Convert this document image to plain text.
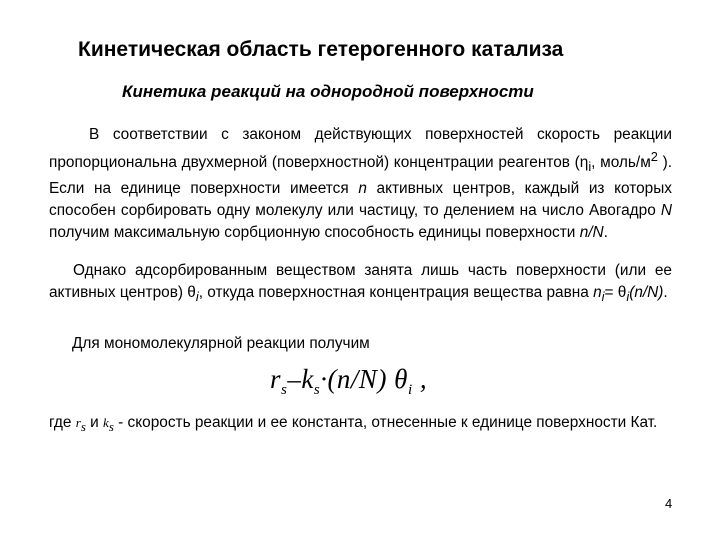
Кинетическая область гетерогенного катализа
Кинетика реакций на однородной поверхности
В соответствии с законом действующих поверхностей скорость реакции пропорциональна двухмерной (поверхностной) концентрации реагентов ($\eta_i$, моль/$м^2$ ). Если на единице поверхности имеется n активных центров, каждый из которых способен сорбировать одну молекулу или частицу, то делением на число Авогадро N получим максимальную сорбционную способность единицы поверхности n/N.
Однако адсорбированным веществом занята лишь часть поверхности (или ее активных центров) $\theta_i$, откуда поверхностная концентрация вещества равна $n_i= \theta_i(n/N)$.
Для мономолекулярной реакции получим
$r_s-k_s\cdot(n/N)$ $\theta_i$ ,
где $r_s$ и $k_s$ - скорость реакции и ее константа, отнесенные к единице поверхности Кат.
4
